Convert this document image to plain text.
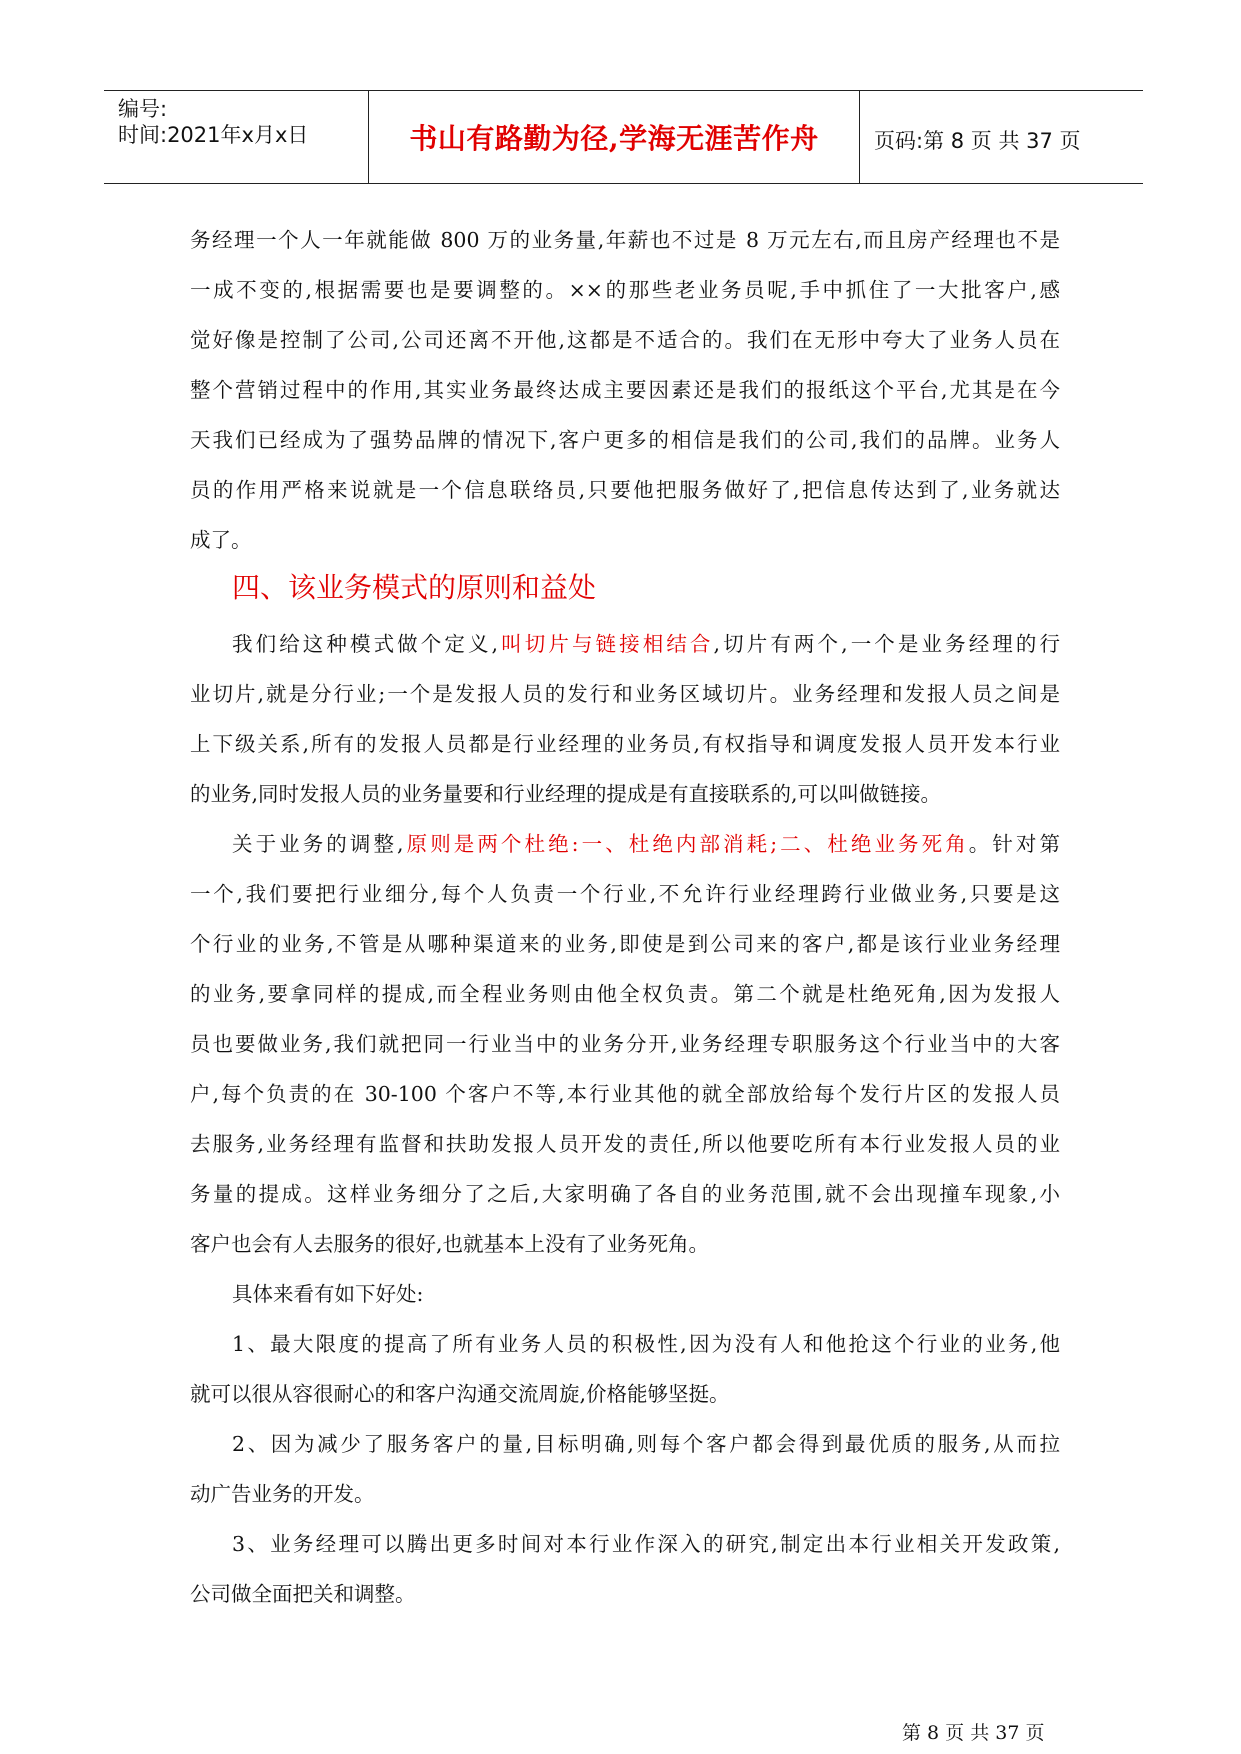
编号:
时间:2021年x月x日	书山有路勤为径,学海无涯苦作舟	页码:第 8 页 共 37 页
务经理一个人一年就能做 800 万的业务量,年薪也不过是 8 万元左右,而且房产经理也不是
一成不变的,根据需要也是要调整的。××的那些老业务员呢,手中抓住了一大批客户,感
觉好像是控制了公司,公司还离不开他,这都是不适合的。我们在无形中夸大了业务人员在
整个营销过程中的作用,其实业务最终达成主要因素还是我们的报纸这个平台,尤其是在今
天我们已经成为了强势品牌的情况下,客户更多的相信是我们的公司,我们的品牌。业务人
员的作用严格来说就是一个信息联络员,只要他把服务做好了,把信息传达到了,业务就达
成了。
我们给这种模式做个定义,叫切片与链接相结合,切片有两个,一个是业务经理的行
业切片,就是分行业;一个是发报人员的发行和业务区域切片。业务经理和发报人员之间是
上下级关系,所有的发报人员都是行业经理的业务员,有权指导和调度发报人员开发本行业
的业务,同时发报人员的业务量要和行业经理的提成是有直接联系的,可以叫做链接。
关于业务的调整,原则是两个杜绝:一、杜绝内部消耗;二、杜绝业务死角。针对第
一个,我们要把行业细分,每个人负责一个行业,不允许行业经理跨行业做业务,只要是这
个行业的业务,不管是从哪种渠道来的业务,即使是到公司来的客户,都是该行业业务经理
的业务,要拿同样的提成,而全程业务则由他全权负责。第二个就是杜绝死角,因为发报人
员也要做业务,我们就把同一行业当中的业务分开,业务经理专职服务这个行业当中的大客
户,每个负责的在 30-100 个客户不等,本行业其他的就全部放给每个发行片区的发报人员
去服务,业务经理有监督和扶助发报人员开发的责任,所以他要吃所有本行业发报人员的业
务量的提成。这样业务细分了之后,大家明确了各自的业务范围,就不会出现撞车现象,小
客户也会有人去服务的很好,也就基本上没有了业务死角。
具体来看有如下好处:
1、最大限度的提高了所有业务人员的积极性,因为没有人和他抢这个行业的业务,他
就可以很从容很耐心的和客户沟通交流周旋,价格能够坚挺。
2、因为减少了服务客户的量,目标明确,则每个客户都会得到最优质的服务,从而拉
动广告业务的开发。
3、业务经理可以腾出更多时间对本行业作深入的研究,制定出本行业相关开发政策,
公司做全面把关和调整。
四、该业务模式的原则和益处
第 8 页 共 37 页
